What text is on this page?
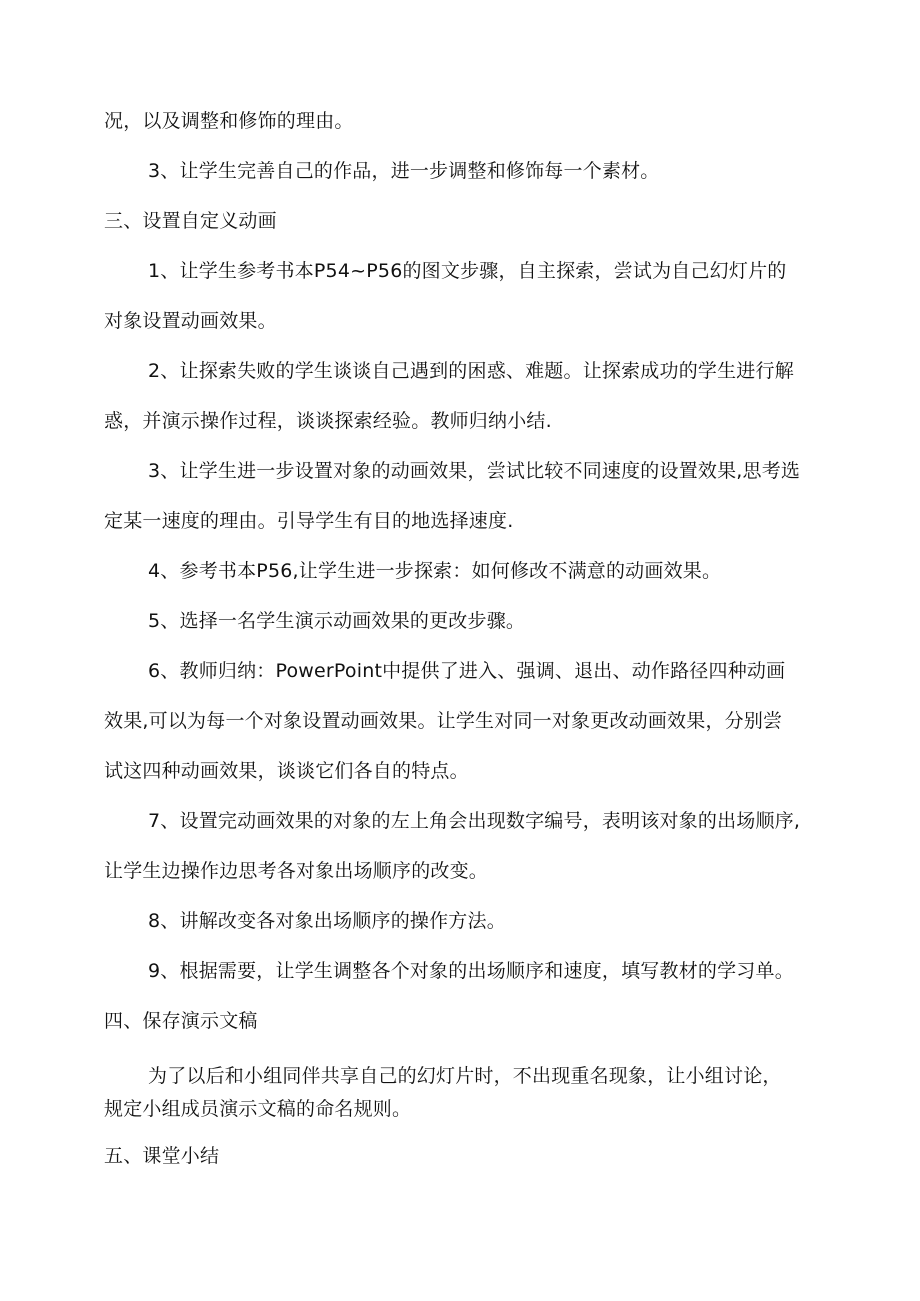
况，以及调整和修饰的理由。
3、让学生完善自己的作品，进一步调整和修饰每一个素材。
三、设置自定义动画
1、让学生参考书本P54~P56的图文步骤，自主探索，尝试为自己幻灯片的
对象设置动画效果。
2、让探索失败的学生谈谈自己遇到的困惑、难题。让探索成功的学生进行解
惑，并演示操作过程，谈谈探索经验。教师归纳小结.
3、让学生进一步设置对象的动画效果，尝试比较不同速度的设置效果,思考选
定某一速度的理由。引导学生有目的地选择速度.
4、参考书本P56,让学生进一步探索：如何修改不满意的动画效果。
5、选择一名学生演示动画效果的更改步骤。
6、教师归纳：PowerPoint中提供了进入、强调、退出、动作路径四种动画
效果,可以为每一个对象设置动画效果。让学生对同一对象更改动画效果，分别尝
试这四种动画效果，谈谈它们各自的特点。
7、设置完动画效果的对象的左上角会出现数字编号，表明该对象的出场顺序,
让学生边操作边思考各对象出场顺序的改变。
8、讲解改变各对象出场顺序的操作方法。
9、根据需要，让学生调整各个对象的出场顺序和速度，填写教材的学习单。
四、保存演示文稿
为了以后和小组同伴共享自己的幻灯片时，不出现重名现象，让小组讨论，
规定小组成员演示文稿的命名规则。
五、课堂小结
